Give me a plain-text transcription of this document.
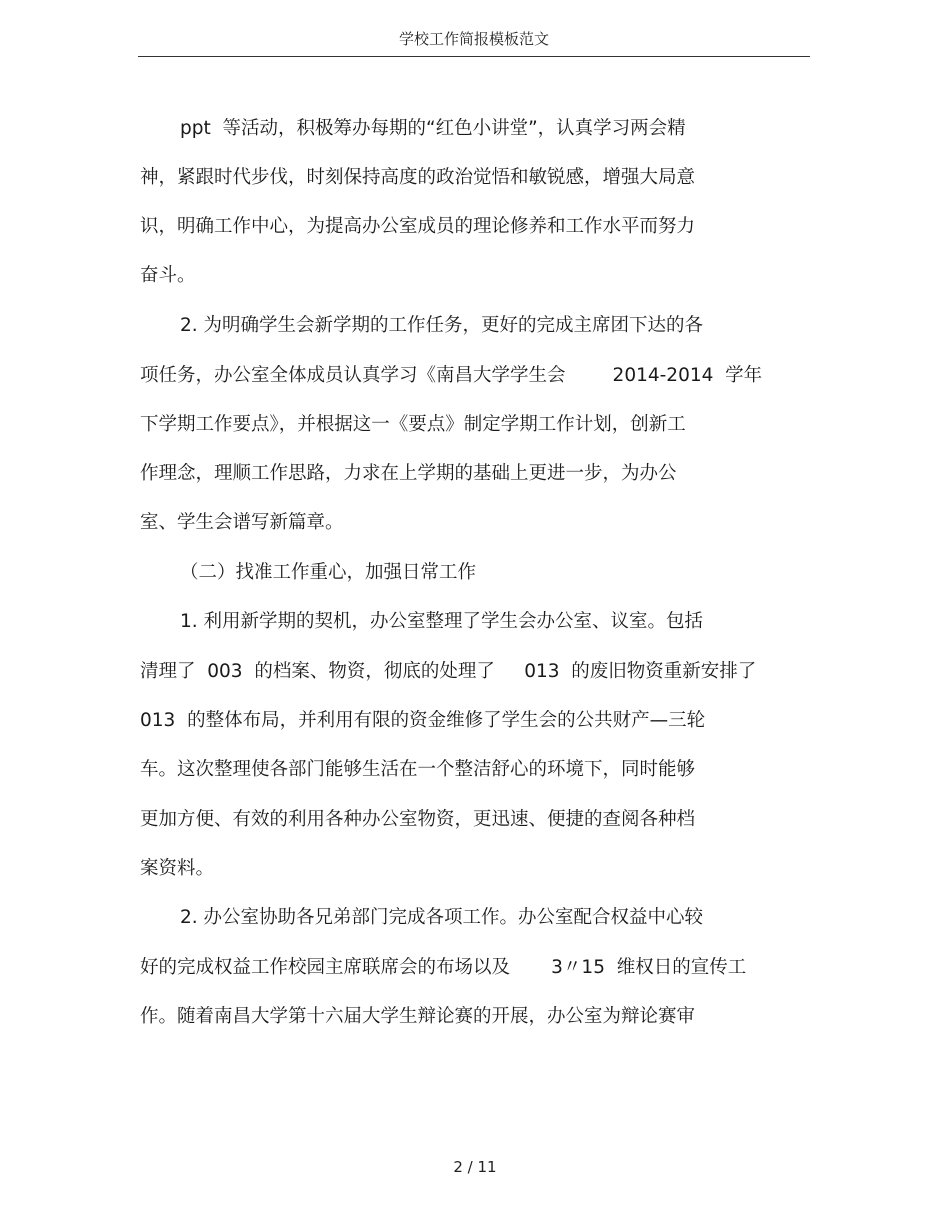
学校工作简报模板范文
ppt  等活动，积极筹办每期的“红色小讲堂”，认真学习两会精
神，紧跟时代步伐，时刻保持高度的政治觉悟和敏锐感，增强大局意
识，明确工作中心，为提高办公室成员的理论修养和工作水平而努力
奋斗。
2. 为明确学生会新学期的工作任务，更好的完成主席团下达的各
项任务，办公室全体成员认真学习《南昌大学学生会        2014-2014  学年
下学期工作要点》，并根据这一《要点》制定学期工作计划，创新工
作理念，理顺工作思路，力求在上学期的基础上更进一步，为办公
室、学生会谱写新篇章。
（二）找准工作重心，加强日常工作
1. 利用新学期的契机，办公室整理了学生会办公室、议室。包括
清理了  003  的档案、物资，彻底的处理了     013  的废旧物资重新安排了
013  的整体布局，并利用有限的资金维修了学生会的公共财产—三轮
车。这次整理使各部门能够生活在一个整洁舒心的环境下，同时能够
更加方便、有效的利用各种办公室物资，更迅速、便捷的查阅各种档
案资料。
2. 办公室协助各兄弟部门完成各项工作。办公室配合权益中心较
好的完成权益工作校园主席联席会的布场以及       3〃15  维权日的宣传工
作。随着南昌大学第十六届大学生辩论赛的开展，办公室为辩论赛审
2 / 11
